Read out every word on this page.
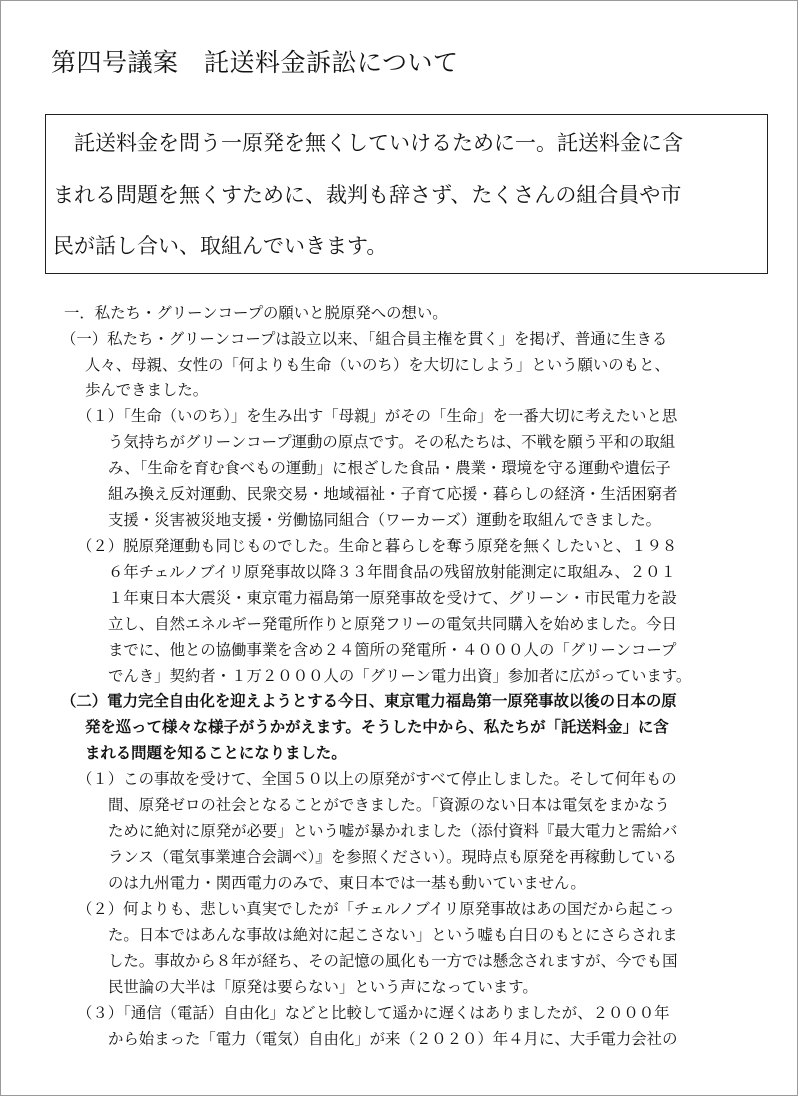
第四号議案　託送料金訴訟について
　託送料金を問う一原発を無くしていけるために一。託送料金に含
まれる問題を無くすために、裁判も辞さず、たくさんの組合員や市
民が話し合い、取組んでいきます。
一．私たち・グリーンコープの願いと脱原発への想い。
（一）私たち・グリーンコープは設立以来、「組合員主権を貫く」を掲げ、普通に生きる
人々、母親、女性の「何よりも生命（いのち）を大切にしよう」という願いのもと、
歩んできました。
（１）「生命（いのち）」を生み出す「母親」がその「生命」を一番大切に考えたいと思
う気持ちがグリーンコープ運動の原点です。その私たちは、不戦を願う平和の取組
み、「生命を育む食べもの運動」に根ざした食品・農業・環境を守る運動や遺伝子
組み換え反対運動、民衆交易・地域福祉・子育て応援・暮らしの経済・生活困窮者
支援・災害被災地支援・労働協同組合（ワーカーズ）運動を取組んできました。
（２）脱原発運動も同じものでした。生命と暮らしを奪う原発を無くしたいと、１９８
６年チェルノブイリ原発事故以降３３年間食品の残留放射能測定に取組み、２０１
１年東日本大震災・東京電力福島第一原発事故を受けて、グリーン・市民電力を設
立し、自然エネルギー発電所作りと原発フリーの電気共同購入を始めました。今日
までに、他との協働事業を含め２４箇所の発電所・４０００人の「グリーンコープ
でんき」契約者・１万２０００人の「グリーン電力出資」参加者に広がっています。
（二）電力完全自由化を迎えようとする今日、東京電力福島第一原発事故以後の日本の原
発を巡って様々な様子がうかがえます。そうした中から、私たちが「託送料金」に含
まれる問題を知ることになりました。
（１）この事故を受けて、全国５０以上の原発がすべて停止しました。そして何年もの
間、原発ゼロの社会となることができました。「資源のない日本は電気をまかなう
ために絶対に原発が必要」という嘘が暴かれました（添付資料『最大電力と需給バ
ランス（電気事業連合会調べ）』を参照ください）。現時点も原発を再稼動している
のは九州電力・関西電力のみで、東日本では一基も動いていません。
（２）何よりも、悲しい真実でしたが「チェルノブイリ原発事故はあの国だから起こっ
た。日本ではあんな事故は絶対に起こさない」という嘘も白日のもとにさらされま
した。事故から８年が経ち、その記憶の風化も一方では懸念されますが、今でも国
民世論の大半は「原発は要らない」という声になっています。
（３）「通信（電話）自由化」などと比較して遥かに遅くはありましたが、２０００年
から始まった「電力（電気）自由化」が来（２０２０）年４月に、大手電力会社の
